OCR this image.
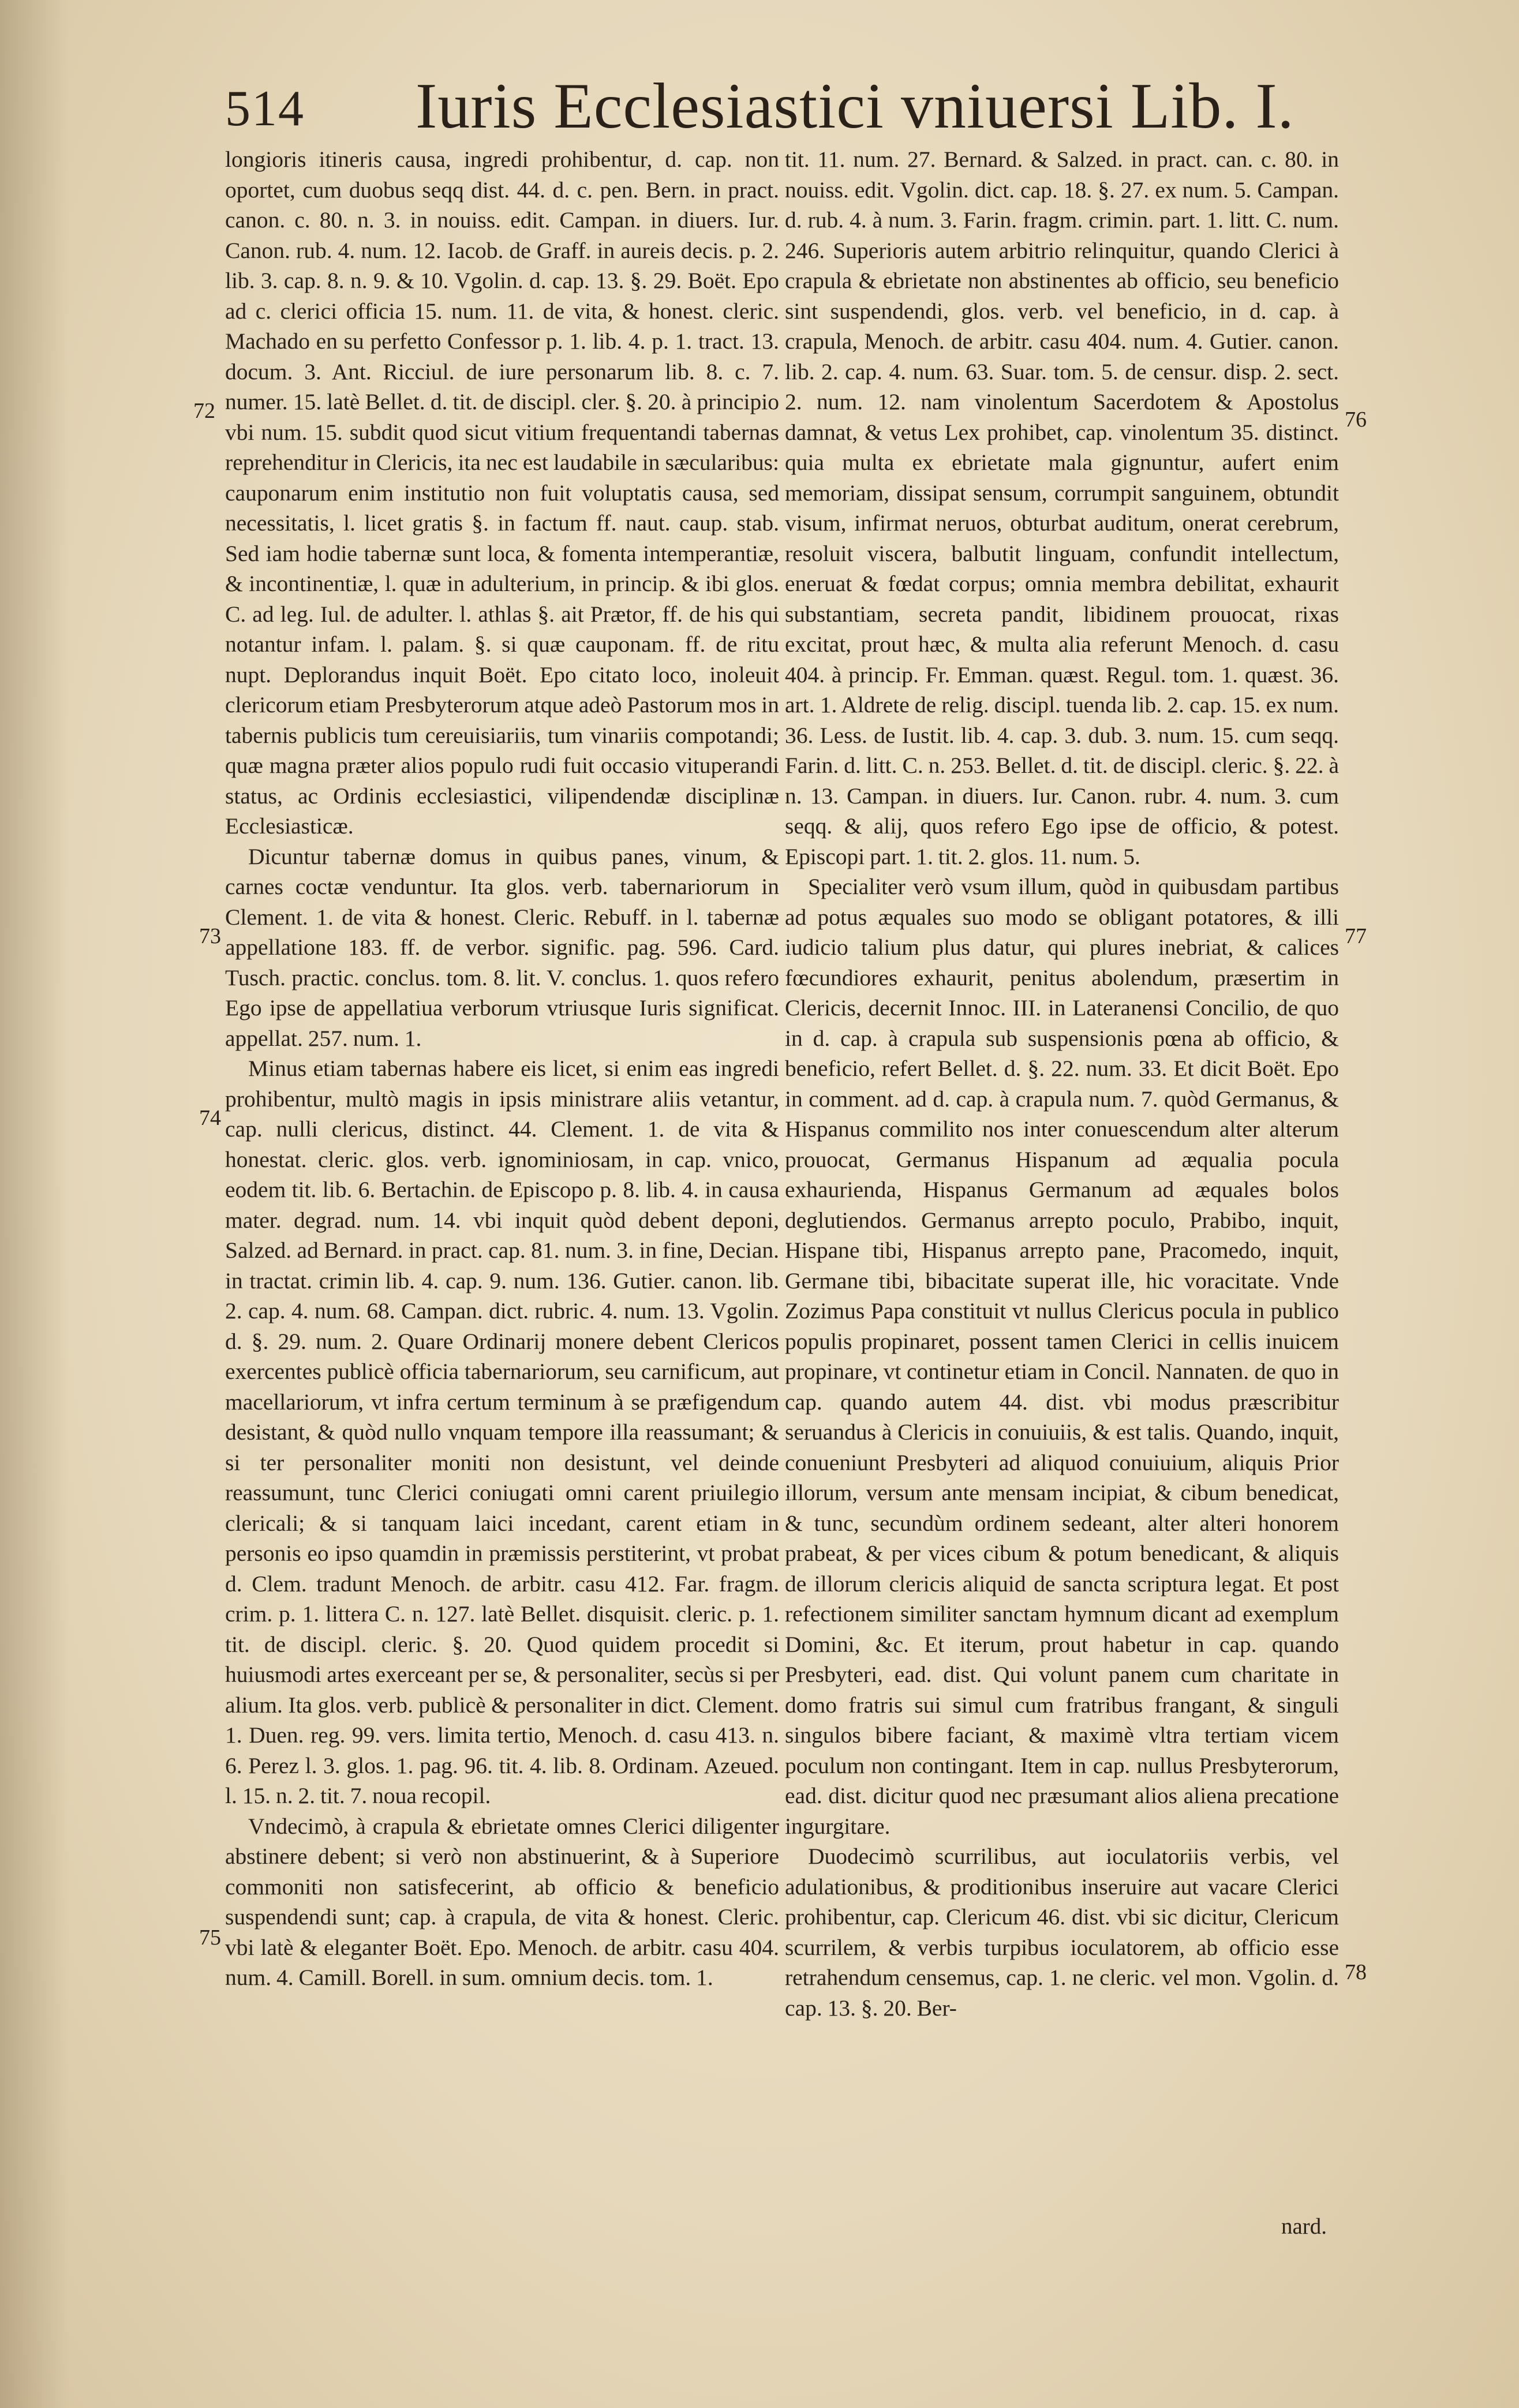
514 Iuris Ecclesiastici vniuersi Lib. I.

longioris itineris causa, ingredi prohibentur, d. cap. non oportet, cum duobus seqq dist. 44. d. c. pen. Bern. in pract. canon. c. 80. n. 3. in nouiss. edit. Campan. in diuers. Iur. Canon. rub. 4. num. 12. Iacob. de Graff. in aureis decis. p. 2. lib. 3. cap. 8. n. 9. & 10. Vgolin. d. cap. 13. §. 29. Boët. Epo ad c. clerici officia 15. num. 11. de vita, & honest. cleric. Machado en su perfetto Confessor p. 1. lib. 4. p. 1. tract. 13. docum. 3. Ant. Ricciul. de iure personarum lib. 8. c. 7. numer. 15. latè Bellet. d. tit. de discipl. cler. §. 20. à principio vbi num. 15. subdit quod sicut vitium frequentandi tabernas reprehenditur in Clericis, ita nec est laudabile in sæcularibus: cauponarum enim institutio non fuit voluptatis causa, sed necessitatis, l. licet gratis §. in factum ff. naut. caup. stab. Sed iam hodie tabernæ sunt loca, & fomenta intemperantiæ, & incontinentiæ, l. quæ in adulterium, in princip. & ibi glos. C. ad leg. Iul. de adulter. l. athlas §. ait Prætor, ff. de his qui notantur infam. l. palam. §. si quæ cauponam. ff. de ritu nupt. Deplorandus inquit Boët. Epo citato loco, inoleuit clericorum etiam Presbyterorum atque adeò Pastorum mos in tabernis publicis tum cereuisiariis, tum vinariis compotandi; quæ magna præter alios populo rudi fuit occasio vituperandi status, ac Ordinis ecclesiastici, vilipendendæ disciplinæ Ecclesiasticæ.

Dicuntur tabernæ domus in quibus panes, vinum, & carnes coctæ venduntur. Ita glos. verb. tabernariorum in Clement. 1. de vita & honest. Cleric. Rebuff. in l. tabernæ appellatione 183. ff. de verbor. signific. pag. 596. Card. Tusch. practic. conclus. tom. 8. lit. V. conclus. 1. quos refero Ego ipse de appellatiua verborum vtriusque Iuris significat. appellat. 257. num. 1.

Minus etiam tabernas habere eis licet, si enim eas ingredi prohibentur, multò magis in ipsis ministrare aliis vetantur, cap. nulli clericus, distinct. 44. Clement. 1. de vita & honestat. cleric. glos. verb. ignominiosam, in cap. vnico, eodem tit. lib. 6. Bertachin. de Episcopo p. 8. lib. 4. in causa mater. degrad. num. 14. vbi inquit quòd debent deponi, Salzed. ad Bernard. in pract. cap. 81. num. 3. in fine, Decian. in tractat. crimin lib. 4. cap. 9. num. 136. Gutier. canon. lib. 2. cap. 4. num. 68. Campan. dict. rubric. 4. num. 13. Vgolin. d. §. 29. num. 2. Quare Ordinarij monere debent Clericos exercentes publicè officia tabernariorum, seu carnificum, aut macellariorum, vt infra certum terminum à se præfigendum desistant, & quòd nullo vnquam tempore illa reassumant; & si ter personaliter moniti non desistunt, vel deinde reassumunt, tunc Clerici coniugati omni carent priuilegio clericali; & si tanquam laici incedant, carent etiam in personis eo ipso quamdin in præmissis perstiterint, vt probat d. Clem. tradunt Menoch. de arbitr. casu 412. Far. fragm. crim. p. 1. littera C. n. 127. latè Bellet. disquisit. cleric. p. 1. tit. de discipl. cleric. §. 20. Quod quidem procedit si huiusmodi artes exerceant per se, & personaliter, secùs si per alium. Ita glos. verb. publicè & personaliter in dict. Clement. 1. Duen. reg. 99. vers. limita tertio, Menoch. d. casu 413. n. 6. Perez l. 3. glos. 1. pag. 96. tit. 4. lib. 8. Ordinam. Azeued. l. 15. n. 2. tit. 7. noua recopil.

Vndecimò, à crapula & ebrietate omnes Clerici diligenter abstinere debent; si verò non abstinuerint, & à Superiore commoniti non satisfecerint, ab officio & beneficio suspendendi sunt; cap. à crapula, de vita & honest. Cleric. vbi latè & eleganter Boët. Epo. Menoch. de arbitr. casu 404. num. 4. Camill. Borell. in sum. omnium decis. tom. 1.

tit. 11. num. 27. Bernard. & Salzed. in pract. can. c. 80. in nouiss. edit. Vgolin. dict. cap. 18. §. 27. ex num. 5. Campan. d. rub. 4. à num. 3. Farin. fragm. crimin. part. 1. litt. C. num. 246. Superioris autem arbitrio relinquitur, quando Clerici à crapula & ebrietate non abstinentes ab officio, seu beneficio sint suspendendi, glos. verb. vel beneficio, in d. cap. à crapula, Menoch. de arbitr. casu 404. num. 4. Gutier. canon. lib. 2. cap. 4. num. 63. Suar. tom. 5. de censur. disp. 2. sect. 2. num. 12. nam vinolentum Sacerdotem & Apostolus damnat, & vetus Lex prohibet, cap. vinolentum 35. distinct. quia multa ex ebrietate mala gignuntur, aufert enim memoriam, dissipat sensum, corrumpit sanguinem, obtundit visum, infirmat neruos, obturbat auditum, onerat cerebrum, resoluit viscera, balbutit linguam, confundit intellectum, eneruat & fœdat corpus; omnia membra debilitat, exhaurit substantiam, secreta pandit, libidinem prouocat, rixas excitat, prout hæc, & multa alia referunt Menoch. d. casu 404. à princip. Fr. Emman. quæst. Regul. tom. 1. quæst. 36. art. 1. Aldrete de relig. discipl. tuenda lib. 2. cap. 15. ex num. 36. Less. de Iustit. lib. 4. cap. 3. dub. 3. num. 15. cum seqq. Farin. d. litt. C. n. 253. Bellet. d. tit. de discipl. cleric. §. 22. à n. 13. Campan. in diuers. Iur. Canon. rubr. 4. num. 3. cum seqq. & alij, quos refero Ego ipse de officio, & potest. Episcopi part. 1. tit. 2. glos. 11. num. 5.

Specialiter verò vsum illum, quòd in quibusdam partibus ad potus æquales suo modo se obligant potatores, & illi iudicio talium plus datur, qui plures inebriat, & calices fœcundiores exhaurit, penitus abolendum, præsertim in Clericis, decernit Innoc. III. in Lateranensi Concilio, de quo in d. cap. à crapula sub suspensionis pœna ab officio, & beneficio, refert Bellet. d. §. 22. num. 33. Et dicit Boët. Epo in comment. ad d. cap. à crapula num. 7. quòd Germanus, & Hispanus commilito nos inter conuescendum alter alterum prouocat, Germanus Hispanum ad æqualia pocula exhaurienda, Hispanus Germanum ad æquales bolos deglutiendos. Germanus arrepto poculo, Prabibo, inquit, Hispane tibi, Hispanus arrepto pane, Pracomedo, inquit, Germane tibi, bibacitate superat ille, hic voracitate. Vnde Zozimus Papa constituit vt nullus Clericus pocula in publico populis propinaret, possent tamen Clerici in cellis inuicem propinare, vt continetur etiam in Concil. Nannaten. de quo in cap. quando autem 44. dist. vbi modus præscribitur seruandus à Clericis in conuiuiis, & est talis. Quando, inquit, conueniunt Presbyteri ad aliquod conuiuium, aliquis Prior illorum, versum ante mensam incipiat, & cibum benedicat, & tunc, secundùm ordinem sedeant, alter alteri honorem prabeat, & per vices cibum & potum benedicant, & aliquis de illorum clericis aliquid de sancta scriptura legat. Et post refectionem similiter sanctam hymnum dicant ad exemplum Domini, &c. Et iterum, prout habetur in cap. quando Presbyteri, ead. dist. Qui volunt panem cum charitate in domo fratris sui simul cum fratribus frangant, & singuli singulos bibere faciant, & maximè vltra tertiam vicem poculum non contingant. Item in cap. nullus Presbyterorum, ead. dist. dicitur quod nec præsumant alios aliena precatione ingurgitare.

Duodecimò scurrilibus, aut ioculatoriis verbis, vel adulationibus, & proditionibus inseruire aut vacare Clerici prohibentur, cap. Clericum 46. dist. vbi sic dicitur, Clericum scurrilem, & verbis turpibus ioculatorem, ab officio esse retrahendum censemus, cap. 1. ne cleric. vel mon. Vgolin. d. cap. 13. §. 20. Ber-

72
73
74
75
76
77
78
nard.
